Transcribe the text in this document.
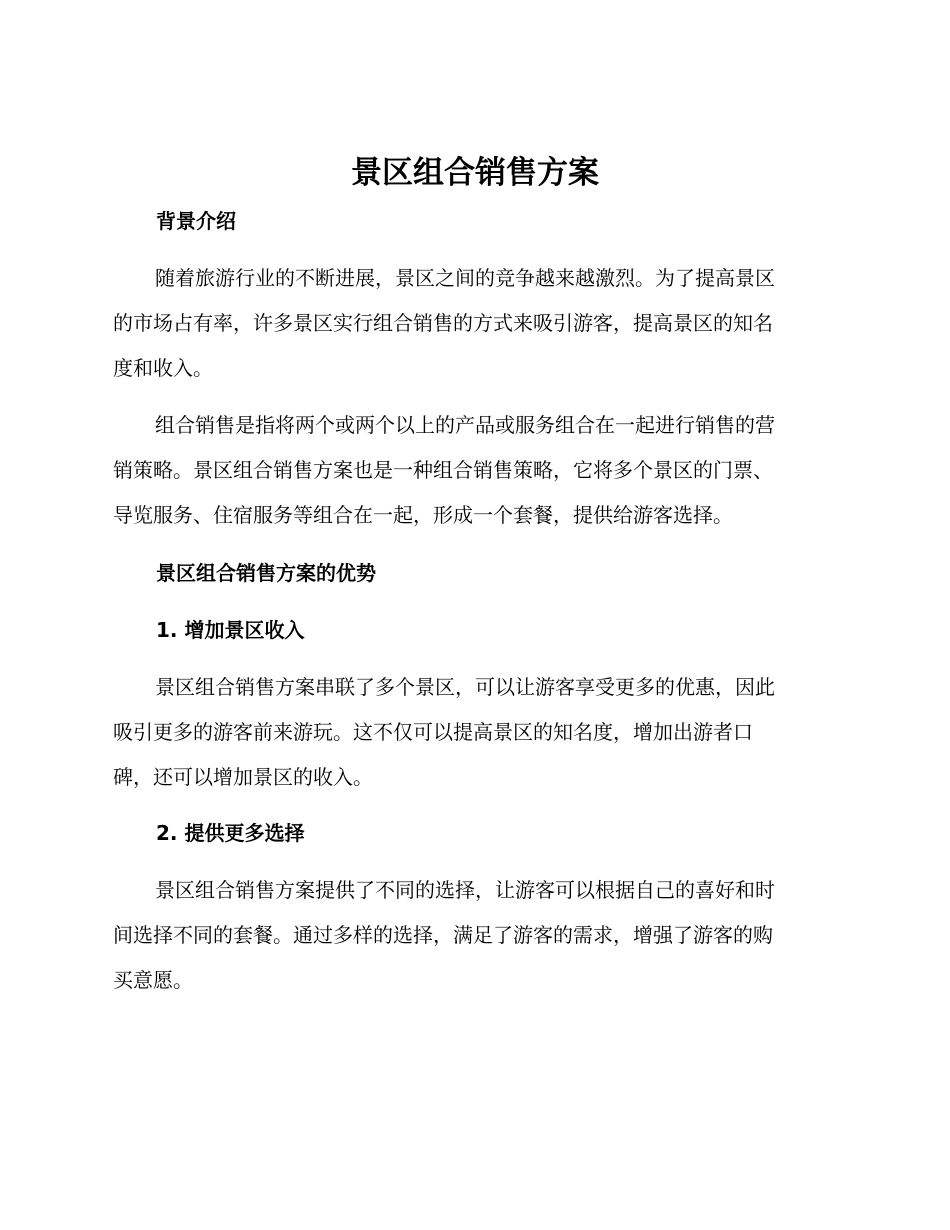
景区组合销售方案
背景介绍

随着旅游行业的不断进展，景区之间的竞争越来越激烈。为了提高景区
的市场占有率，许多景区实行组合销售的方式来吸引游客，提高景区的知名
度和收入。

组合销售是指将两个或两个以上的产品或服务组合在一起进行销售的营
销策略。景区组合销售方案也是一种组合销售策略，它将多个景区的门票、
导览服务、住宿服务等组合在一起，形成一个套餐，提供给游客选择。

景区组合销售方案的优势
1. 增加景区收入

景区组合销售方案串联了多个景区，可以让游客享受更多的优惠，因此
吸引更多的游客前来游玩。这不仅可以提高景区的知名度，增加出游者口
碑，还可以增加景区的收入。

2. 提供更多选择

景区组合销售方案提供了不同的选择，让游客可以根据自己的喜好和时
间选择不同的套餐。通过多样的选择，满足了游客的需求，增强了游客的购
买意愿。
